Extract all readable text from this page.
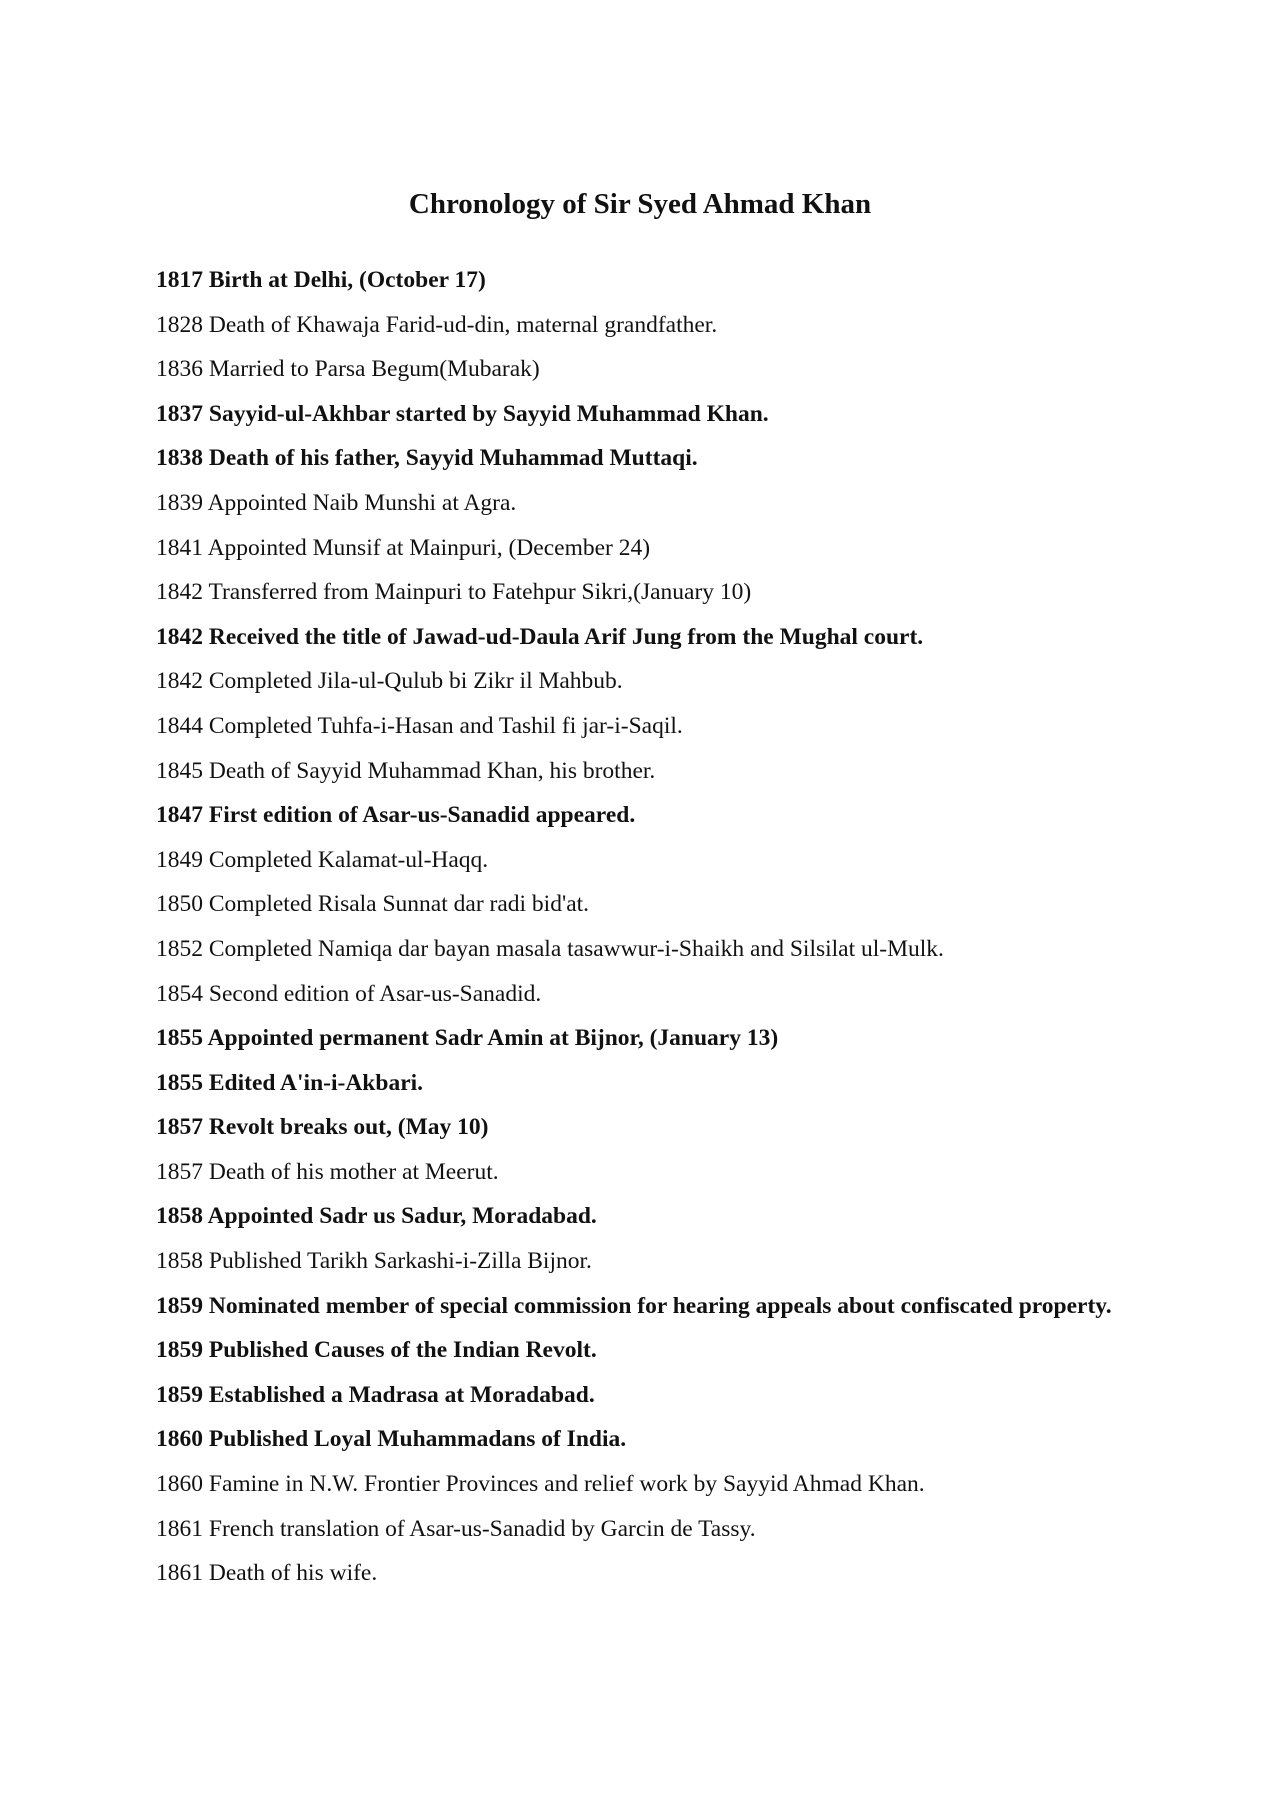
Chronology of Sir Syed Ahmad Khan
1817 Birth at Delhi, (October 17)
1828 Death of Khawaja Farid-ud-din, maternal grandfather.
1836 Married to Parsa Begum(Mubarak)
1837 Sayyid-ul-Akhbar started by Sayyid Muhammad Khan.
1838 Death of his father, Sayyid Muhammad Muttaqi.
1839 Appointed Naib Munshi at Agra.
1841 Appointed Munsif at Mainpuri, (December 24)
1842 Transferred from Mainpuri to Fatehpur Sikri,(January 10)
1842 Received the title of Jawad-ud-Daula Arif Jung from the Mughal court.
1842 Completed Jila-ul-Qulub bi Zikr il Mahbub.
1844 Completed Tuhfa-i-Hasan and Tashil fi jar-i-Saqil.
1845 Death of Sayyid Muhammad Khan, his brother.
1847 First edition of Asar-us-Sanadid appeared.
1849 Completed Kalamat-ul-Haqq.
1850 Completed Risala Sunnat dar radi bid'at.
1852 Completed Namiqa dar bayan masala tasawwur-i-Shaikh and Silsilat ul-Mulk.
1854 Second edition of Asar-us-Sanadid.
1855 Appointed permanent Sadr Amin at Bijnor, (January 13)
1855 Edited A'in-i-Akbari.
1857 Revolt breaks out, (May 10)
1857 Death of his mother at Meerut.
1858 Appointed Sadr us Sadur, Moradabad.
1858 Published Tarikh Sarkashi-i-Zilla Bijnor.
1859 Nominated member of special commission for hearing appeals about confiscated property.
1859 Published Causes of the Indian Revolt.
1859 Established a Madrasa at Moradabad.
1860 Published Loyal Muhammadans of India.
1860 Famine in N.W. Frontier Provinces and relief work by Sayyid Ahmad Khan.
1861 French translation of Asar-us-Sanadid by Garcin de Tassy.
1861 Death of his wife.
